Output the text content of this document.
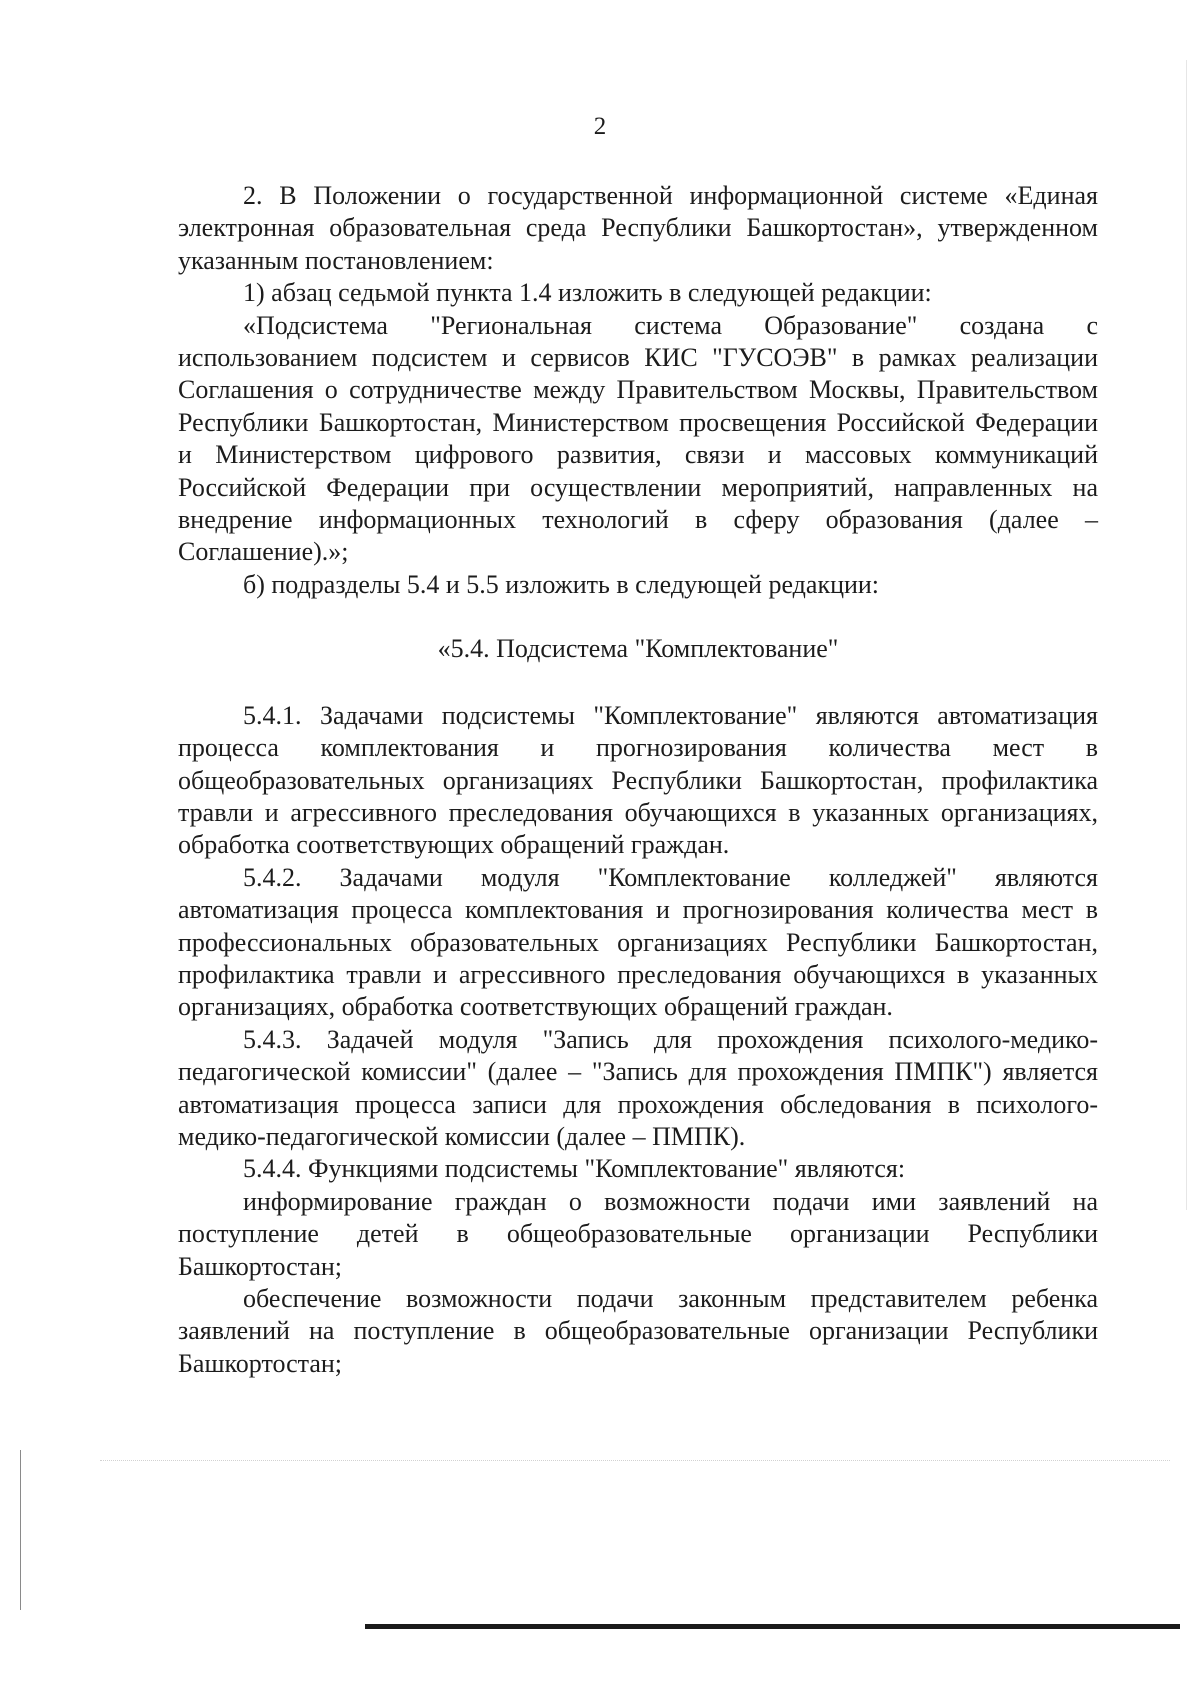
2

2. В Положении о государственной информационной системе «Единая электронная образовательная среда Республики Башкортостан», утвержденном указанным постановлением:

1) абзац седьмой пункта 1.4 изложить в следующей редакции:

«Подсистема "Региональная система Образование" создана с использованием подсистем и сервисов КИС "ГУСОЭВ" в рамках реализации Соглашения о сотрудничестве между Правительством Москвы, Правительством Республики Башкортостан, Министерством просвещения Российской Федерации и Министерством цифрового развития, связи и массовых коммуникаций Российской Федерации при осуществлении мероприятий, направленных на внедрение информационных технологий в сферу образования (далее – Соглашение).»;

б) подразделы 5.4 и 5.5 изложить в следующей редакции:

«5.4. Подсистема "Комплектование"

5.4.1. Задачами подсистемы "Комплектование" являются автоматизация процесса комплектования и прогнозирования количества мест в общеобразовательных организациях Республики Башкортостан, профилактика травли и агрессивного преследования обучающихся в указанных организациях, обработка соответствующих обращений граждан.

5.4.2. Задачами модуля "Комплектование колледжей" являются автоматизация процесса комплектования и прогнозирования количества мест в профессиональных образовательных организациях Республики Башкортостан, профилактика травли и агрессивного преследования обучающихся в указанных организациях, обработка соответствующих обращений граждан.

5.4.3. Задачей модуля "Запись для прохождения психолого-медико-педагогической комиссии" (далее – "Запись для прохождения ПМПК") является автоматизация процесса записи для прохождения обследования в психолого-медико-педагогической комиссии (далее – ПМПК).

5.4.4. Функциями подсистемы "Комплектование" являются:

информирование граждан о возможности подачи ими заявлений на поступление детей в общеобразовательные организации Республики Башкортостан;

обеспечение возможности подачи законным представителем ребенка заявлений на поступление в общеобразовательные организации Республики Башкортостан;
